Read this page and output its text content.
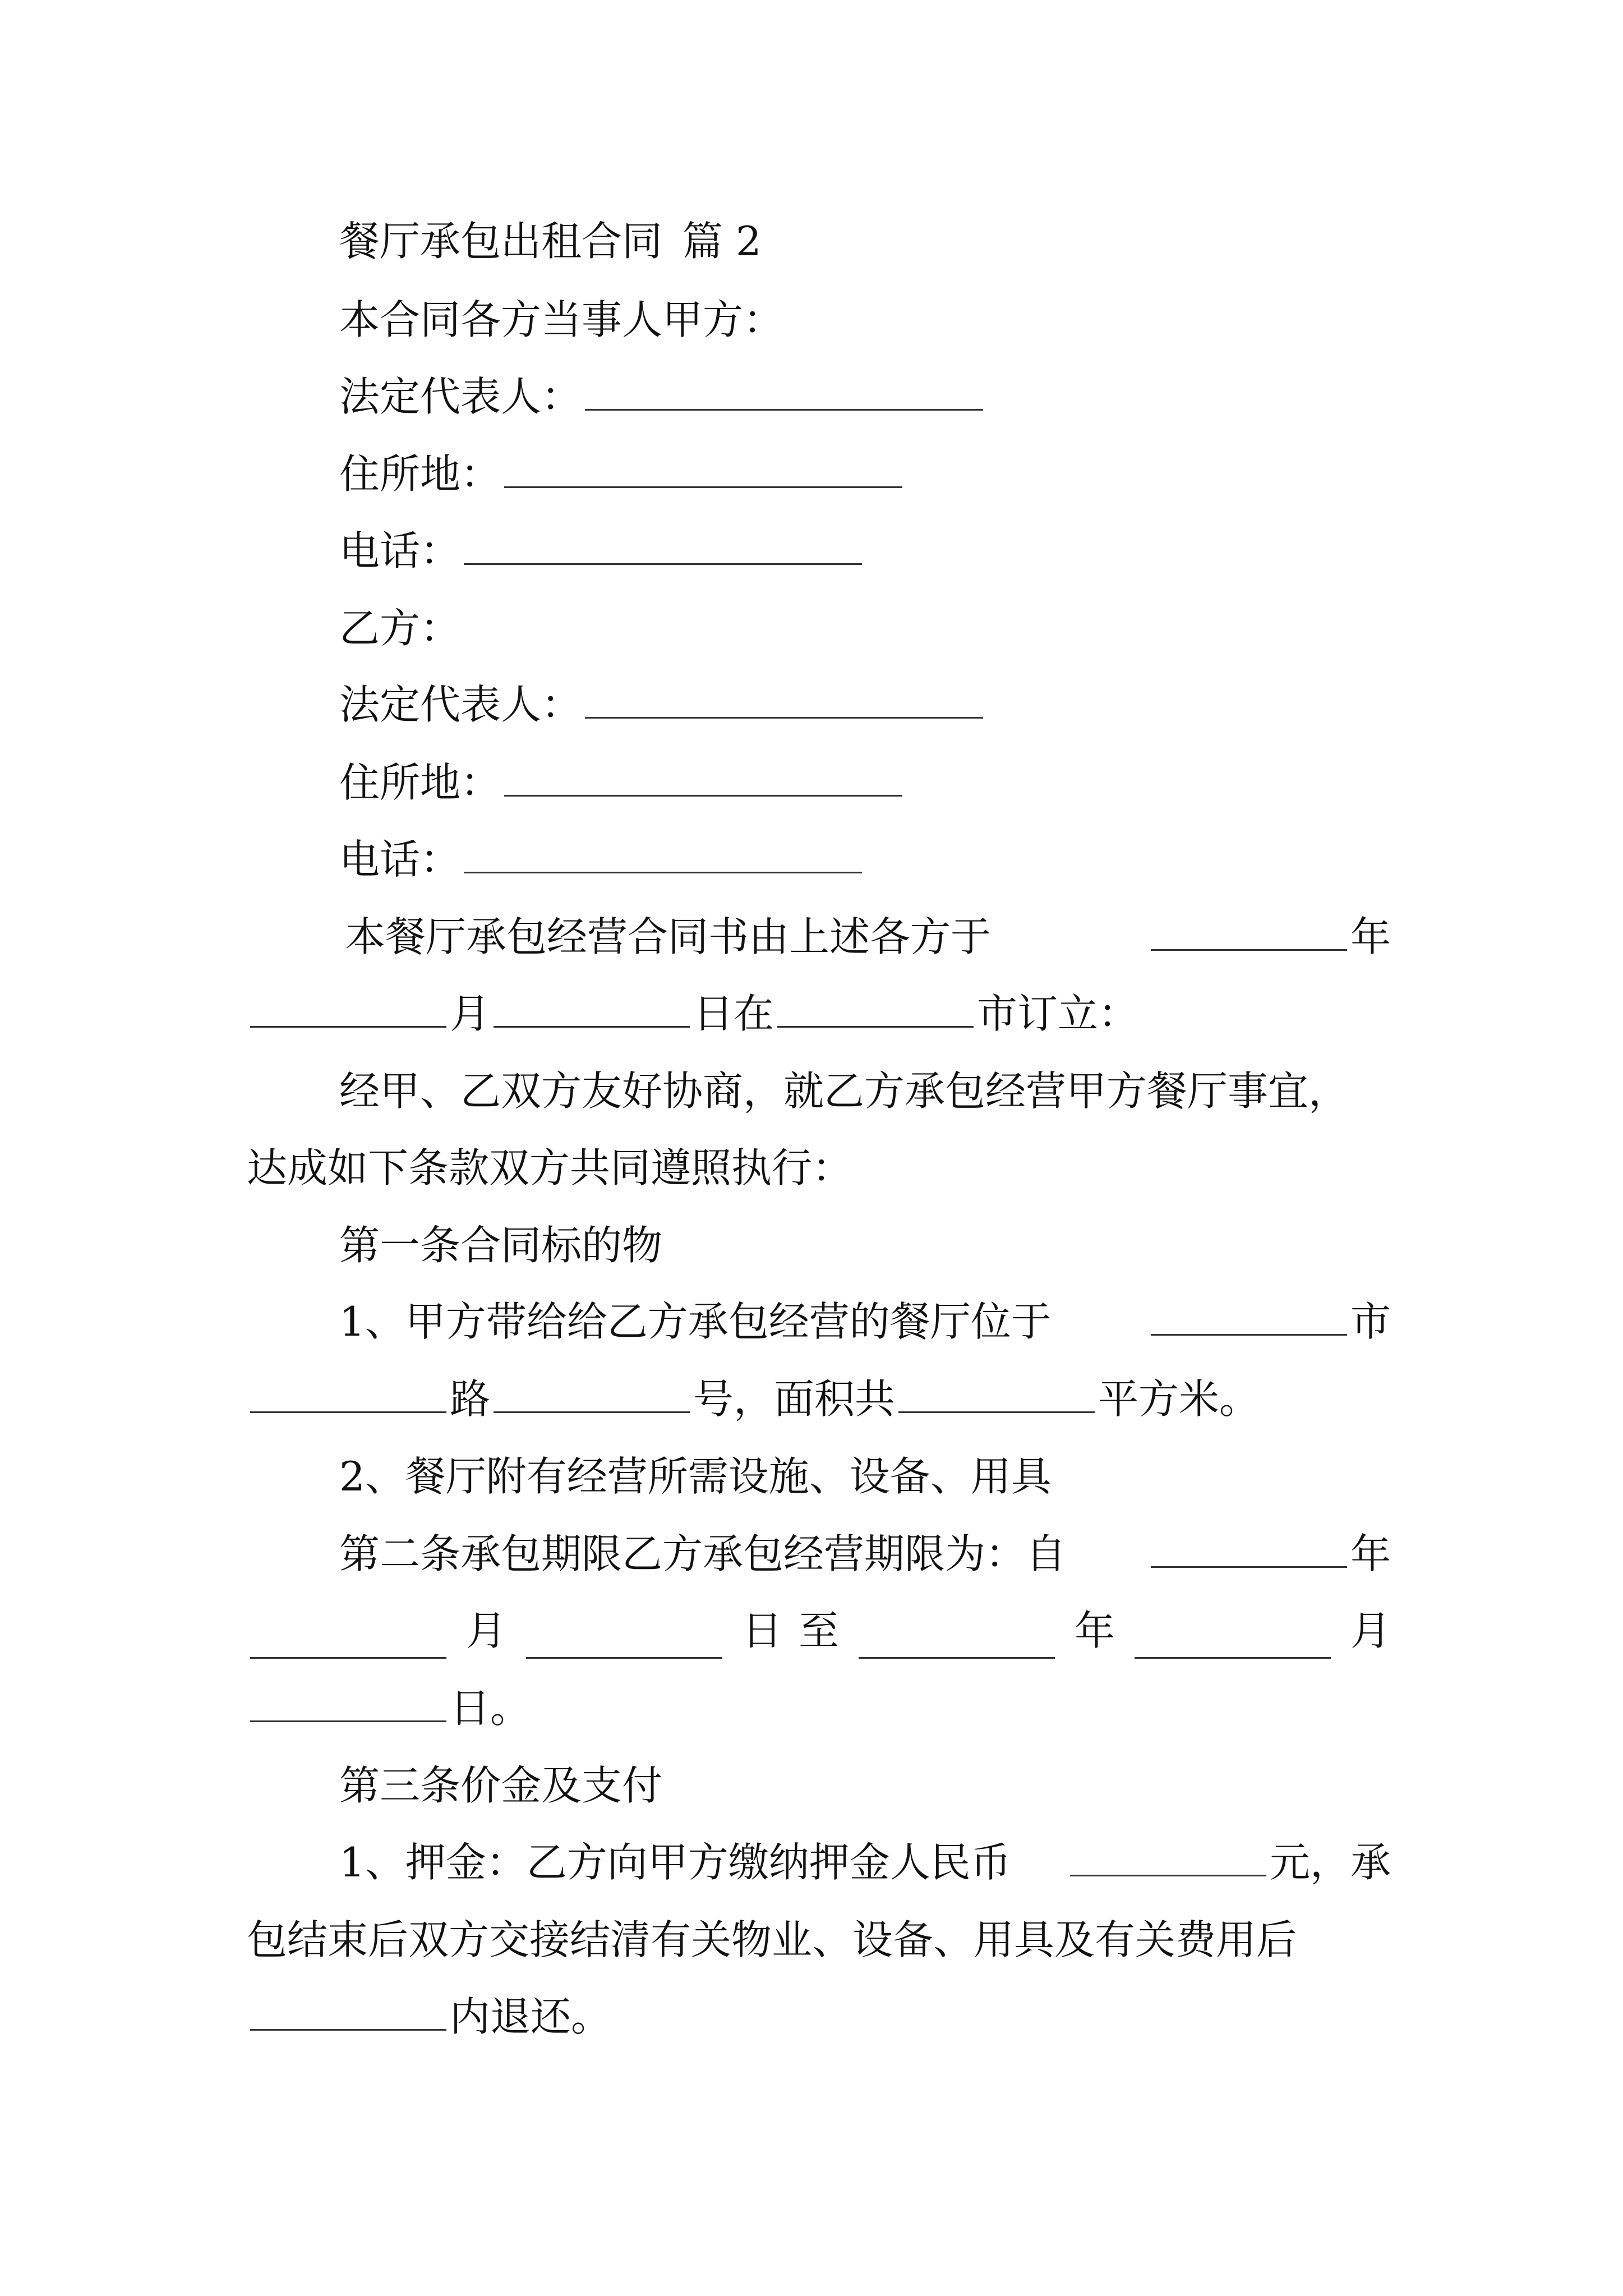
餐厅承包出租合同 篇 2
本合同各方当事人甲方：
法定代表人：
住所地：
电话：
乙方：
法定代表人：
住所地：
电话：
本餐厅承包经营合同书由上述各方于	年
月	日在	市订立：
经甲、乙双方友好协商，就乙方承包经营甲方餐厅事宜，
达成如下条款双方共同遵照执行：
第一条合同标的物
1、甲方带给给乙方承包经营的餐厅位于	市
路	号，面积共	平方米。
2、餐厅附有经营所需设施、设备、用具
第二条承包期限乙方承包经营期限为：自	年
月	日 至	年	月
日。
第三条价金及支付
1、押金：乙方向甲方缴纳押金人民币	元，承
包结束后双方交接结清有关物业、设备、用具及有关费用后
内退还。
